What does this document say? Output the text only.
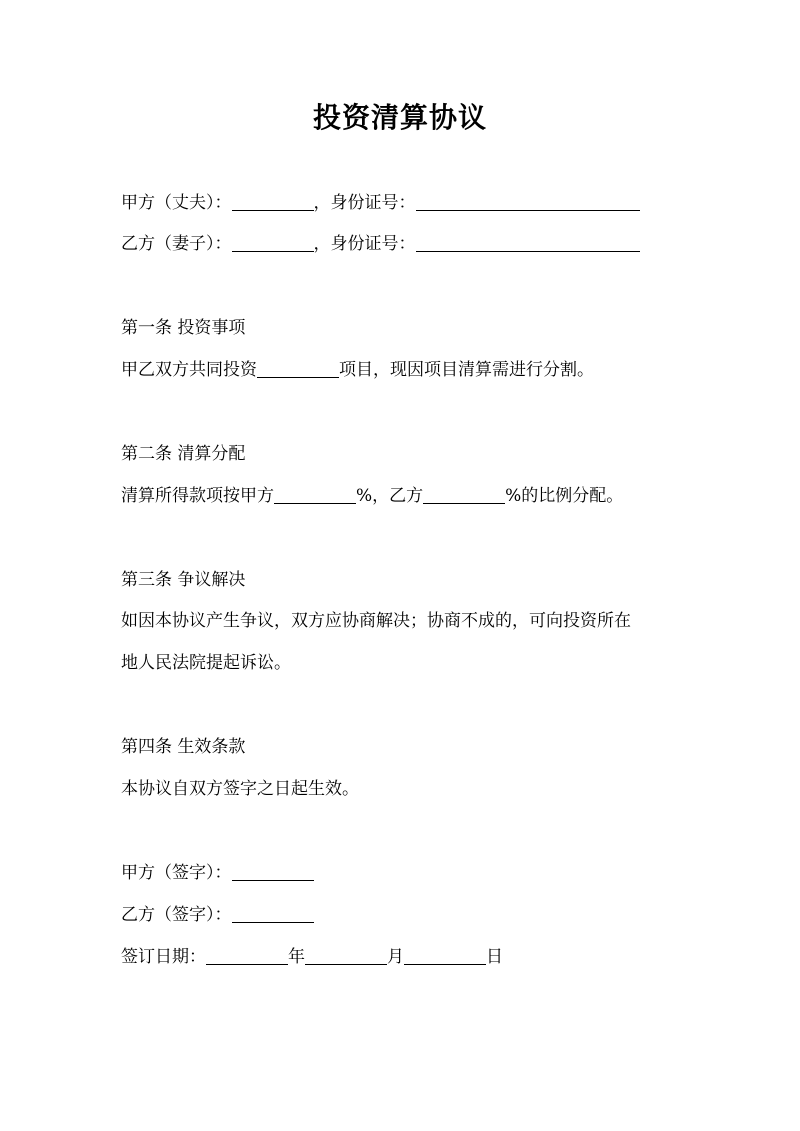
投资清算协议
甲方（丈夫）：	，身份证号：
乙方（妻子）：	，身份证号：
第一条 投资事项
甲乙双方共同投资	项目，现因项目清算需进行分割。
第二条 清算分配
清算所得款项按甲方	%，乙方	%的比例分配。
第三条 争议解决
如因本协议产生争议，双方应协商解决；协商不成的，可向投资所在
地人民法院提起诉讼。
第四条 生效条款
本协议自双方签字之日起生效。
甲方（签字）：
乙方（签字）：
签订日期：	年	月	日
